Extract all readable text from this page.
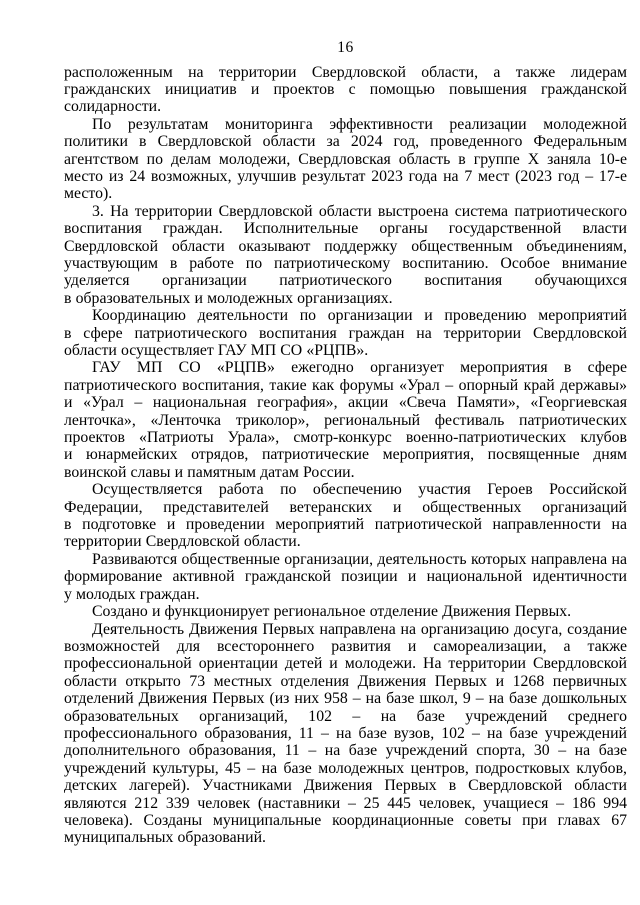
16

расположенным на территории Свердловской области, а также лидерам гражданских инициатив и проектов с помощью повышения гражданской солидарности.

По результатам мониторинга эффективности реализации молодежной политики в Свердловской области за 2024 год, проведенного Федеральным агентством по делам молодежи, Свердловская область в группе X заняла 10-е место из 24 возможных, улучшив результат 2023 года на 7 мест (2023 год – 17-е место).

3. На территории Свердловской области выстроена система патриотического воспитания граждан. Исполнительные органы государственной власти Свердловской области оказывают поддержку общественным объединениям, участвующим в работе по патриотическому воспитанию. Особое внимание уделяется организации патриотического воспитания обучающихся в образовательных и молодежных организациях.

Координацию деятельности по организации и проведению мероприятий в сфере патриотического воспитания граждан на территории Свердловской области осуществляет ГАУ МП СО «РЦПВ».

ГАУ МП СО «РЦПВ» ежегодно организует мероприятия в сфере патриотического воспитания, такие как форумы «Урал – опорный край державы» и «Урал – национальная география», акции «Свеча Памяти», «Георгиевская ленточка», «Ленточка триколор», региональный фестиваль патриотических проектов «Патриоты Урала», смотр-конкурс военно-патриотических клубов и юнармейских отрядов, патриотические мероприятия, посвященные дням воинской славы и памятным датам России.

Осуществляется работа по обеспечению участия Героев Российской Федерации, представителей ветеранских и общественных организаций в подготовке и проведении мероприятий патриотической направленности на территории Свердловской области.

Развиваются общественные организации, деятельность которых направлена на формирование активной гражданской позиции и национальной идентичности у молодых граждан.

Создано и функционирует региональное отделение Движения Первых.

Деятельность Движения Первых направлена на организацию досуга, создание возможностей для всестороннего развития и самореализации, а также профессиональной ориентации детей и молодежи. На территории Свердловской области открыто 73 местных отделения Движения Первых и 1268 первичных отделений Движения Первых (из них 958 – на базе школ, 9 – на базе дошкольных образовательных организаций, 102 – на базе учреждений среднего профессионального образования, 11 – на базе вузов, 102 – на базе учреждений дополнительного образования, 11 – на базе учреждений спорта, 30 – на базе учреждений культуры, 45 – на базе молодежных центров, подростковых клубов, детских лагерей). Участниками Движения Первых в Свердловской области являются 212 339 человек (наставники – 25 445 человек, учащиеся – 186 994 человека). Созданы муниципальные координационные советы при главах 67 муниципальных образований.
